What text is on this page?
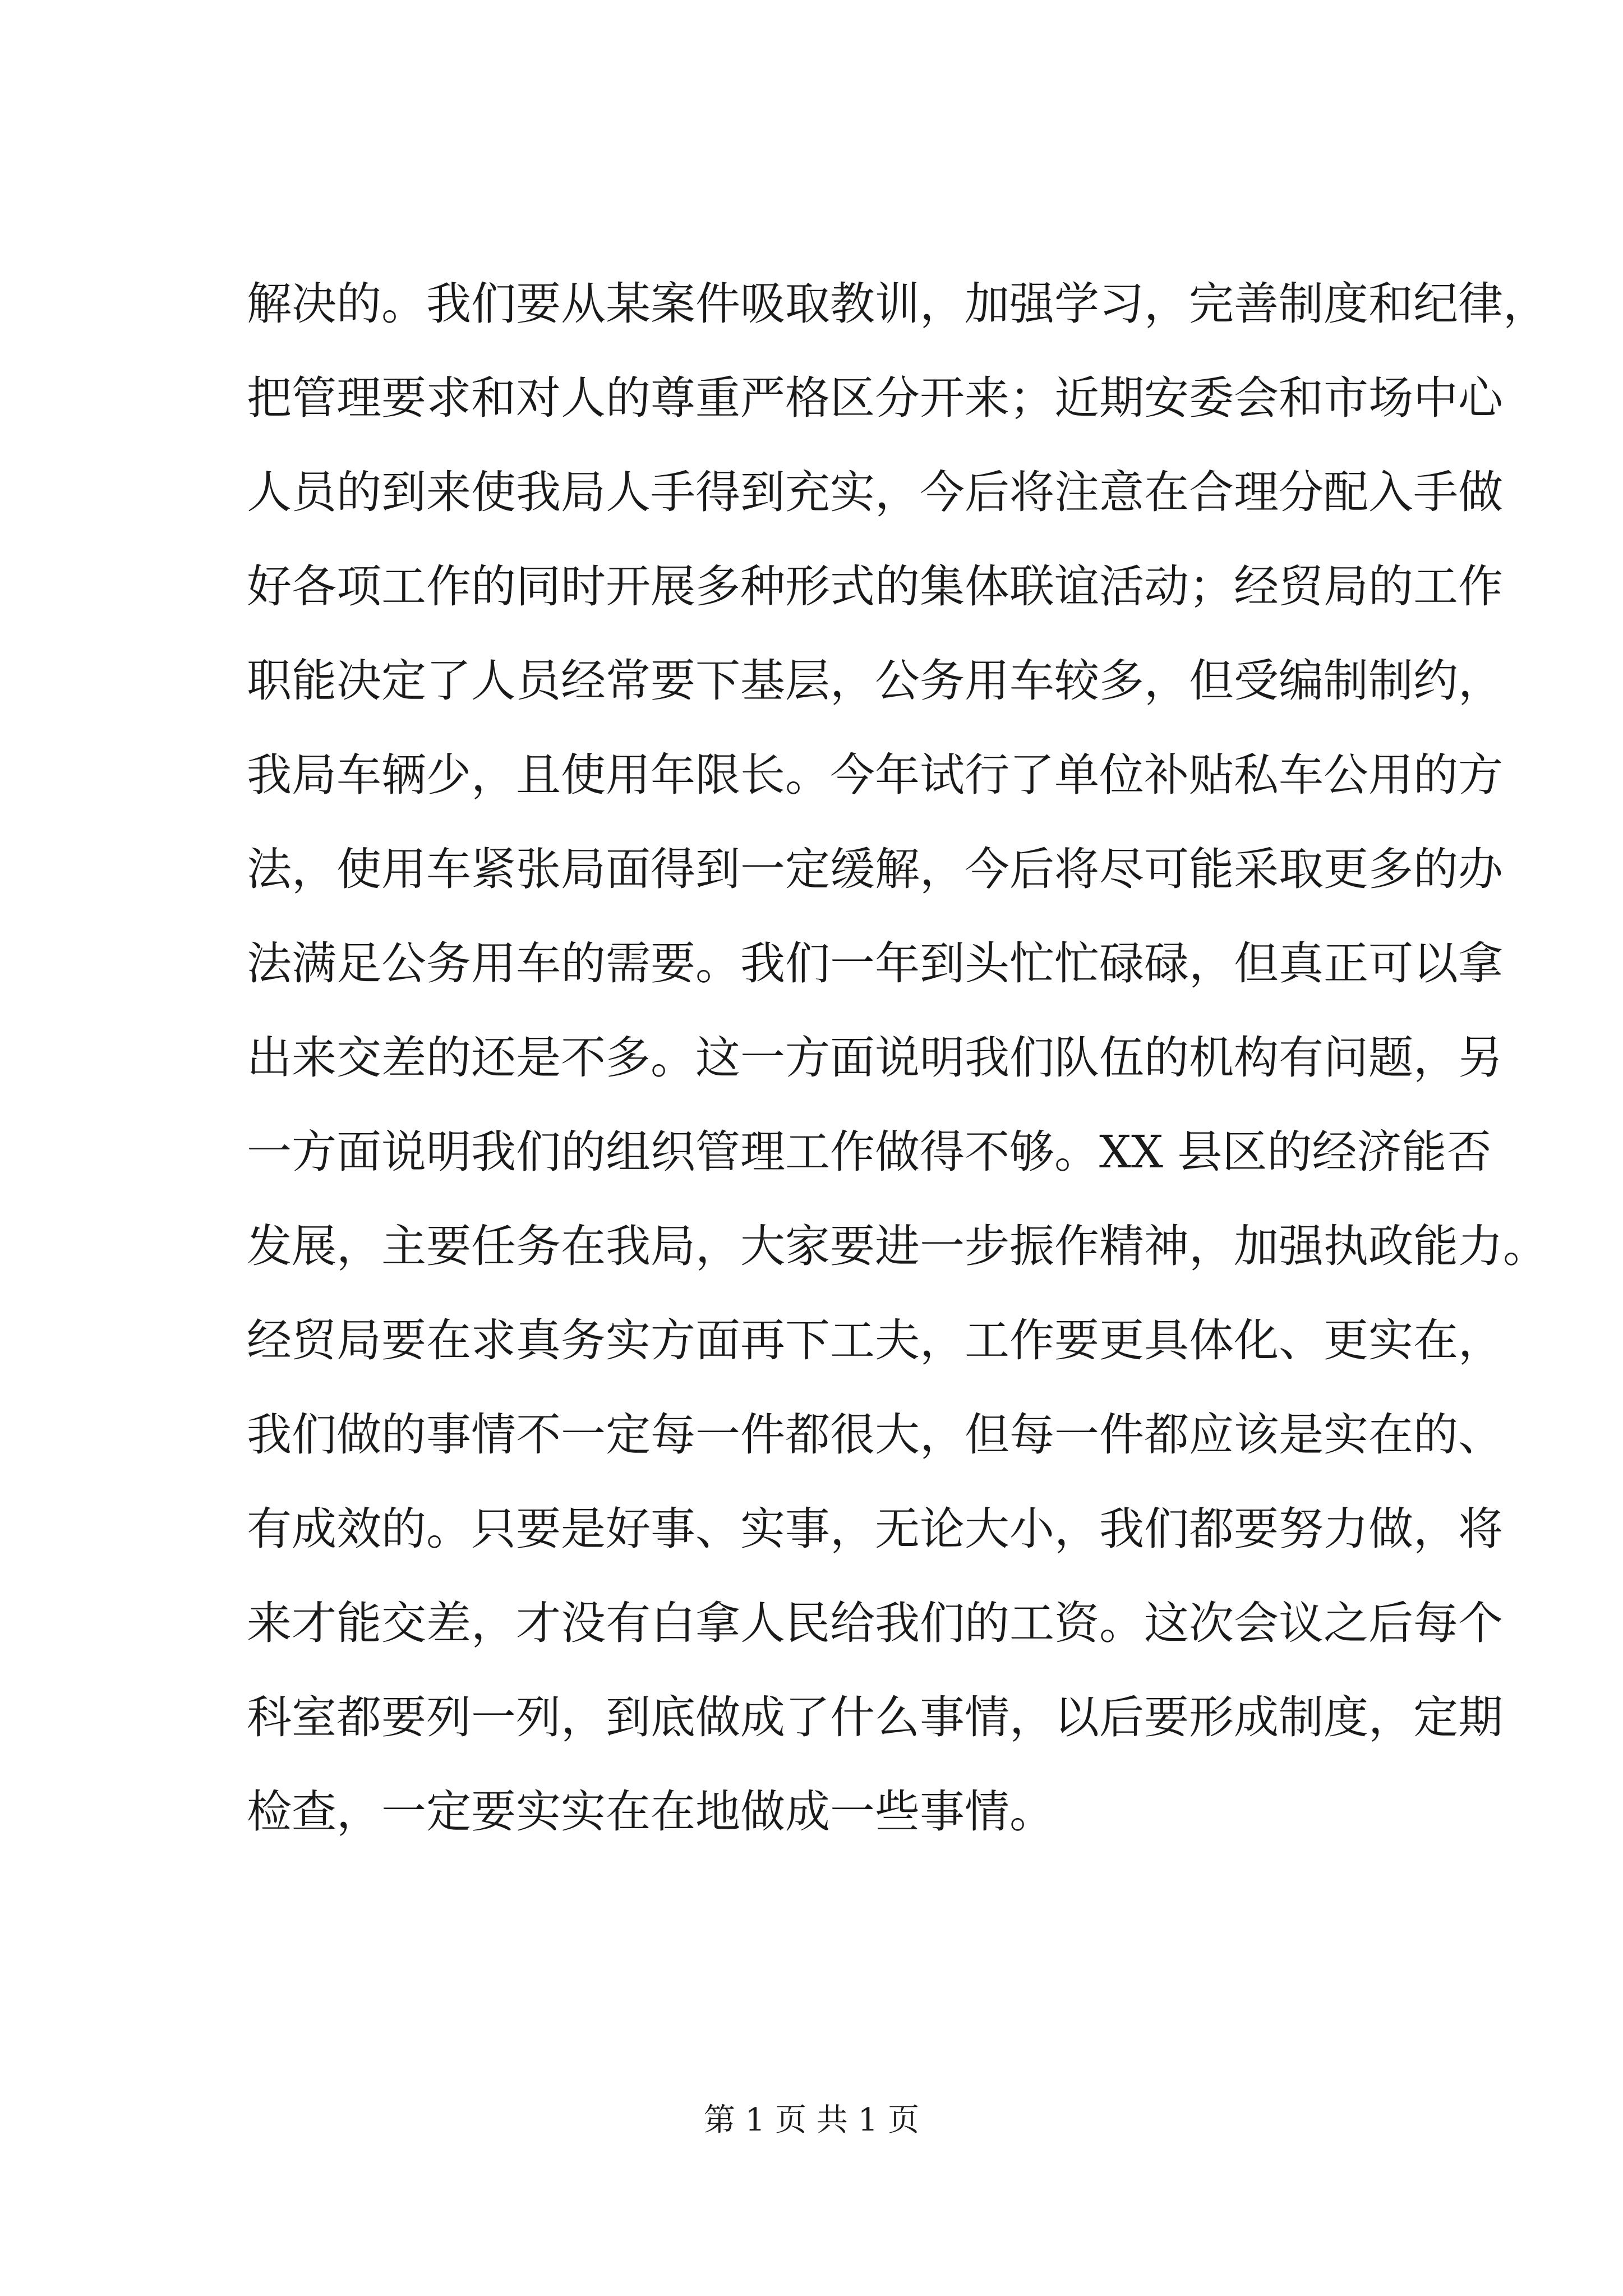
解决的。我们要从某案件吸取教训，加强学习，完善制度和纪律，
把管理要求和对人的尊重严格区分开来；近期安委会和市场中心
人员的到来使我局人手得到充实，今后将注意在合理分配入手做
好各项工作的同时开展多种形式的集体联谊活动；经贸局的工作
职能决定了人员经常要下基层，公务用车较多，但受编制制约，
我局车辆少，且使用年限长。今年试行了单位补贴私车公用的方
法，使用车紧张局面得到一定缓解，今后将尽可能采取更多的办
法满足公务用车的需要。我们一年到头忙忙碌碌，但真正可以拿
出来交差的还是不多。这一方面说明我们队伍的机构有问题，另
一方面说明我们的组织管理工作做得不够。XX 县区的经济能否
发展，主要任务在我局，大家要进一步振作精神，加强执政能力。
经贸局要在求真务实方面再下工夫，工作要更具体化、更实在，
我们做的事情不一定每一件都很大，但每一件都应该是实在的、
有成效的。只要是好事、实事，无论大小，我们都要努力做，将
来才能交差，才没有白拿人民给我们的工资。这次会议之后每个
科室都要列一列，到底做成了什么事情，以后要形成制度，定期
检查，一定要实实在在地做成一些事情。
第 1 页 共 1 页
